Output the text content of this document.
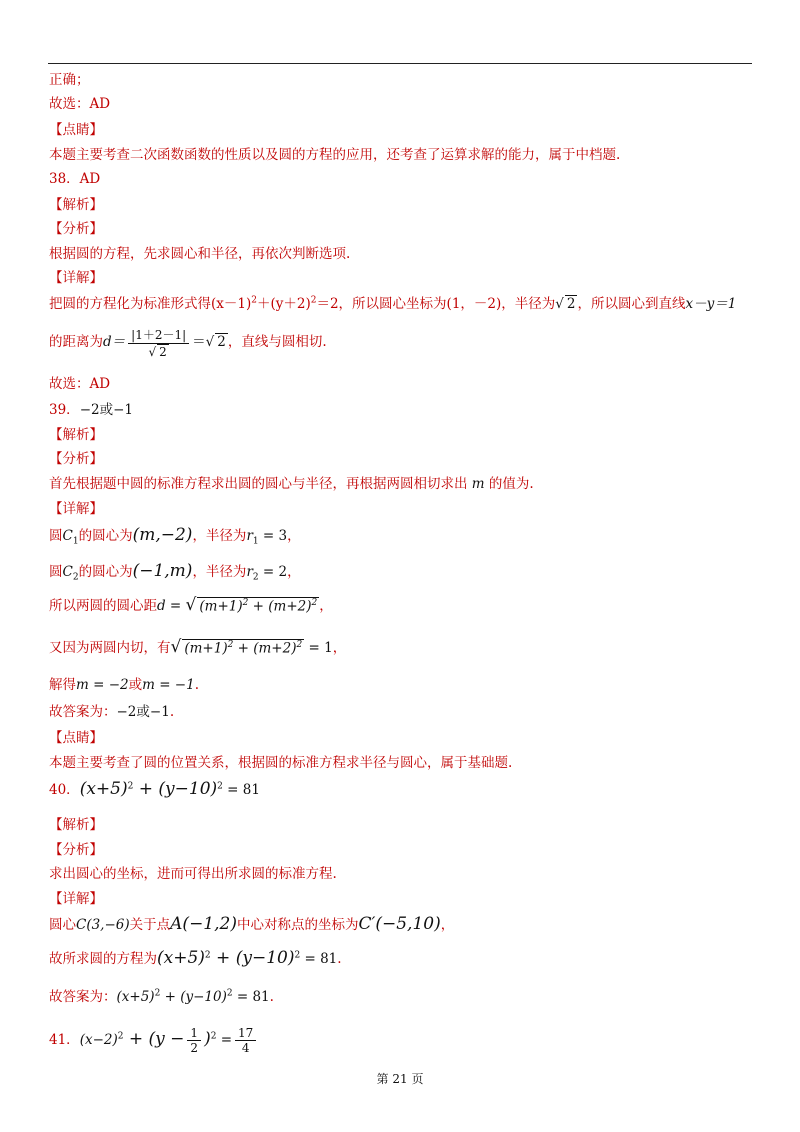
正确；
故选：AD
【点睛】
本题主要考查二次函数函数的性质以及圆的方程的应用，还考查了运算求解的能力，属于中档题.
38．AD
【解析】
【分析】
根据圆的方程，先求圆心和半径，再依次判断选项.
【详解】
把圆的方程化为标准形式得$(x-1)^2+(y+2)^2=2$，所以圆心坐标为(1，－2)，半径为√ 2 ，所以圆心到直线x－y＝1
的距离为$d= \frac{|1+2-1|}{√ 2}$ ＝√ 2 ，直线与圆相切.
故选：AD
39．−2或−1
【解析】
【分析】
首先根据题中圆的标准方程求出圆的圆心与半径，再根据两圆相切求出 m 的值为.
【详解】
圆$C_1$的圆心为(m,−2)，半径为$r_1 = 3$，
圆$C_2$的圆心为(−1,m)，半径为$r_2 = 2$，
所以两圆的圆心距d = √ $(m+1)^2 + (m+2)^2$ ，
又因为两圆内切，有√ $(m+1)^2 + (m+2)^2 = 1$，
解得m = −2或m = −1.
故答案为：−2或−1.
【点睛】
本题主要考查了圆的位置关系，根据圆的标准方程求半径与圆心，属于基础题.
40．$(x+5)^2 + (y-10)^2 = 81$
【解析】
【分析】
求出圆心的坐标，进而可得出所求圆的标准方程.
【详解】
圆心C(3,−6)关于点A(−1,2)中心对称点的坐标为C′(−5,10)，
故所求圆的方程为$(x+5)^2 + (y-10)^2 = 81$.
故答案为：$(x+5)^2 + (y-10)^2 = 81$.
41．$(x-2)^2 + (y - \frac{1}{2} )^2 = \frac{17}{4}$
第 21 页
